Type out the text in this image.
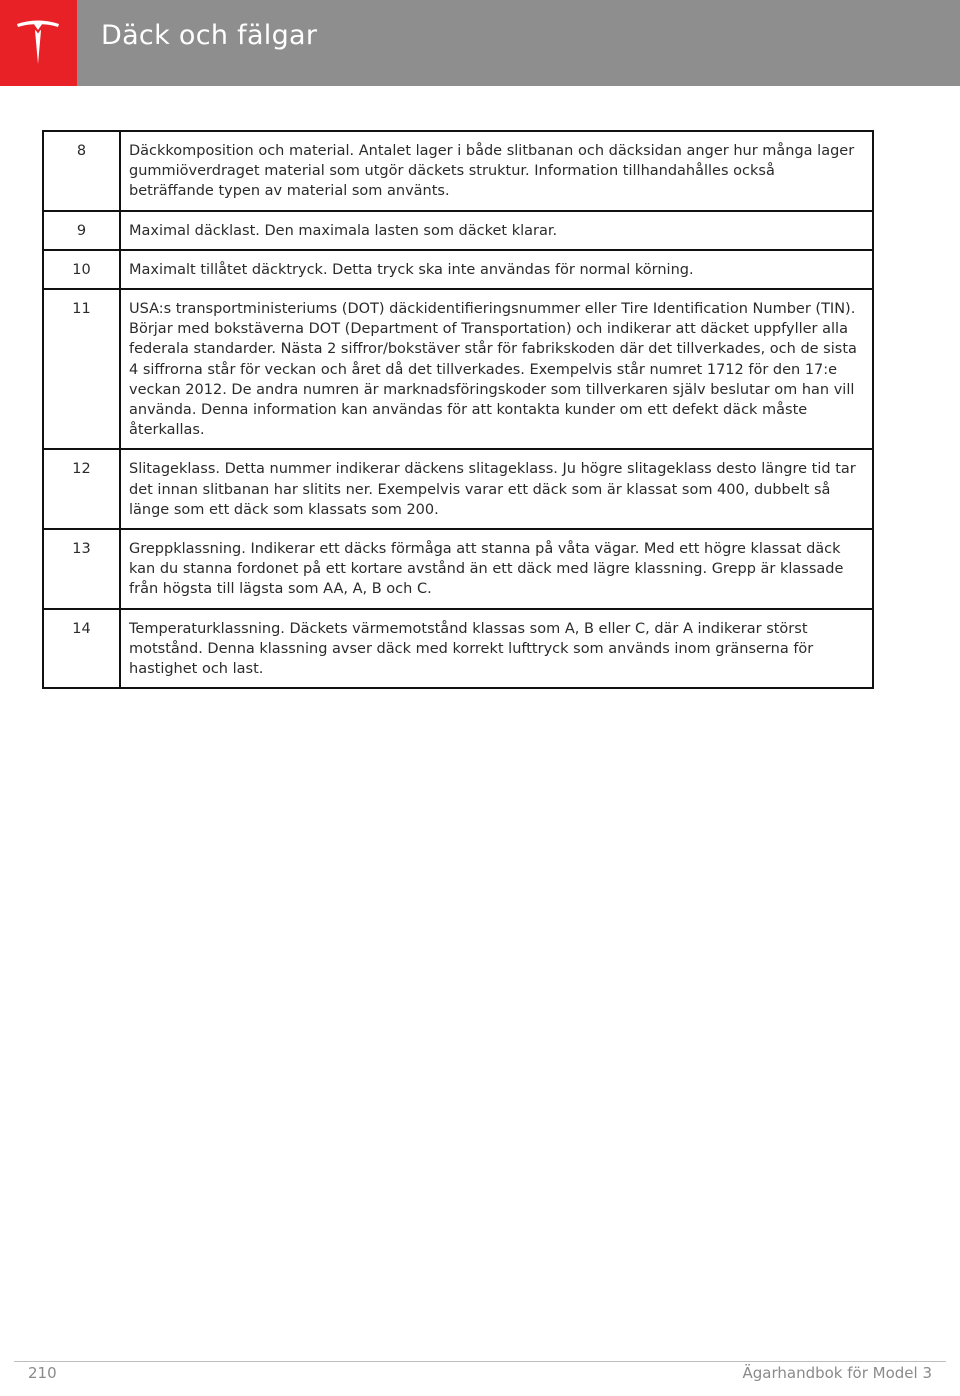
Däck och fälgar
8	Däckkomposition och material. Antalet lager i både slitbanan och däcksidan anger hur många lager gummiöverdraget material som utgör däckets struktur. Information tillhandahålles också beträffande typen av material som använts.
9	Maximal däcklast. Den maximala lasten som däcket klarar.
10	Maximalt tillåtet däcktryck. Detta tryck ska inte användas för normal körning.
11	USA:s transportministeriums (DOT) däckidentifieringsnummer eller Tire Identification Number (TIN). Börjar med bokstäverna DOT (Department of Transportation) och indikerar att däcket uppfyller alla federala standarder. Nästa 2 siffror/bokstäver står för fabrikskoden där det tillverkades, och de sista 4 siffrorna står för veckan och året då det tillverkades. Exempelvis står numret 1712 för den 17:e veckan 2012. De andra numren är marknadsföringskoder som tillverkaren själv beslutar om han vill använda. Denna information kan användas för att kontakta kunder om ett defekt däck måste återkallas.
12	Slitageklass. Detta nummer indikerar däckens slitageklass. Ju högre slitageklass desto längre tid tar det innan slitbanan har slitits ner. Exempelvis varar ett däck som är klassat som 400, dubbelt så länge som ett däck som klassats som 200.
13	Greppklassning. Indikerar ett däcks förmåga att stanna på våta vägar. Med ett högre klassat däck kan du stanna fordonet på ett kortare avstånd än ett däck med lägre klassning. Grepp är klassade från högsta till lägsta som AA, A, B och C.
14	Temperaturklassning. Däckets värmemotstånd klassas som A, B eller C, där A indikerar störst motstånd. Denna klassning avser däck med korrekt lufttryck som används inom gränserna för hastighet och last.
210	Ägarhandbok för Model 3
